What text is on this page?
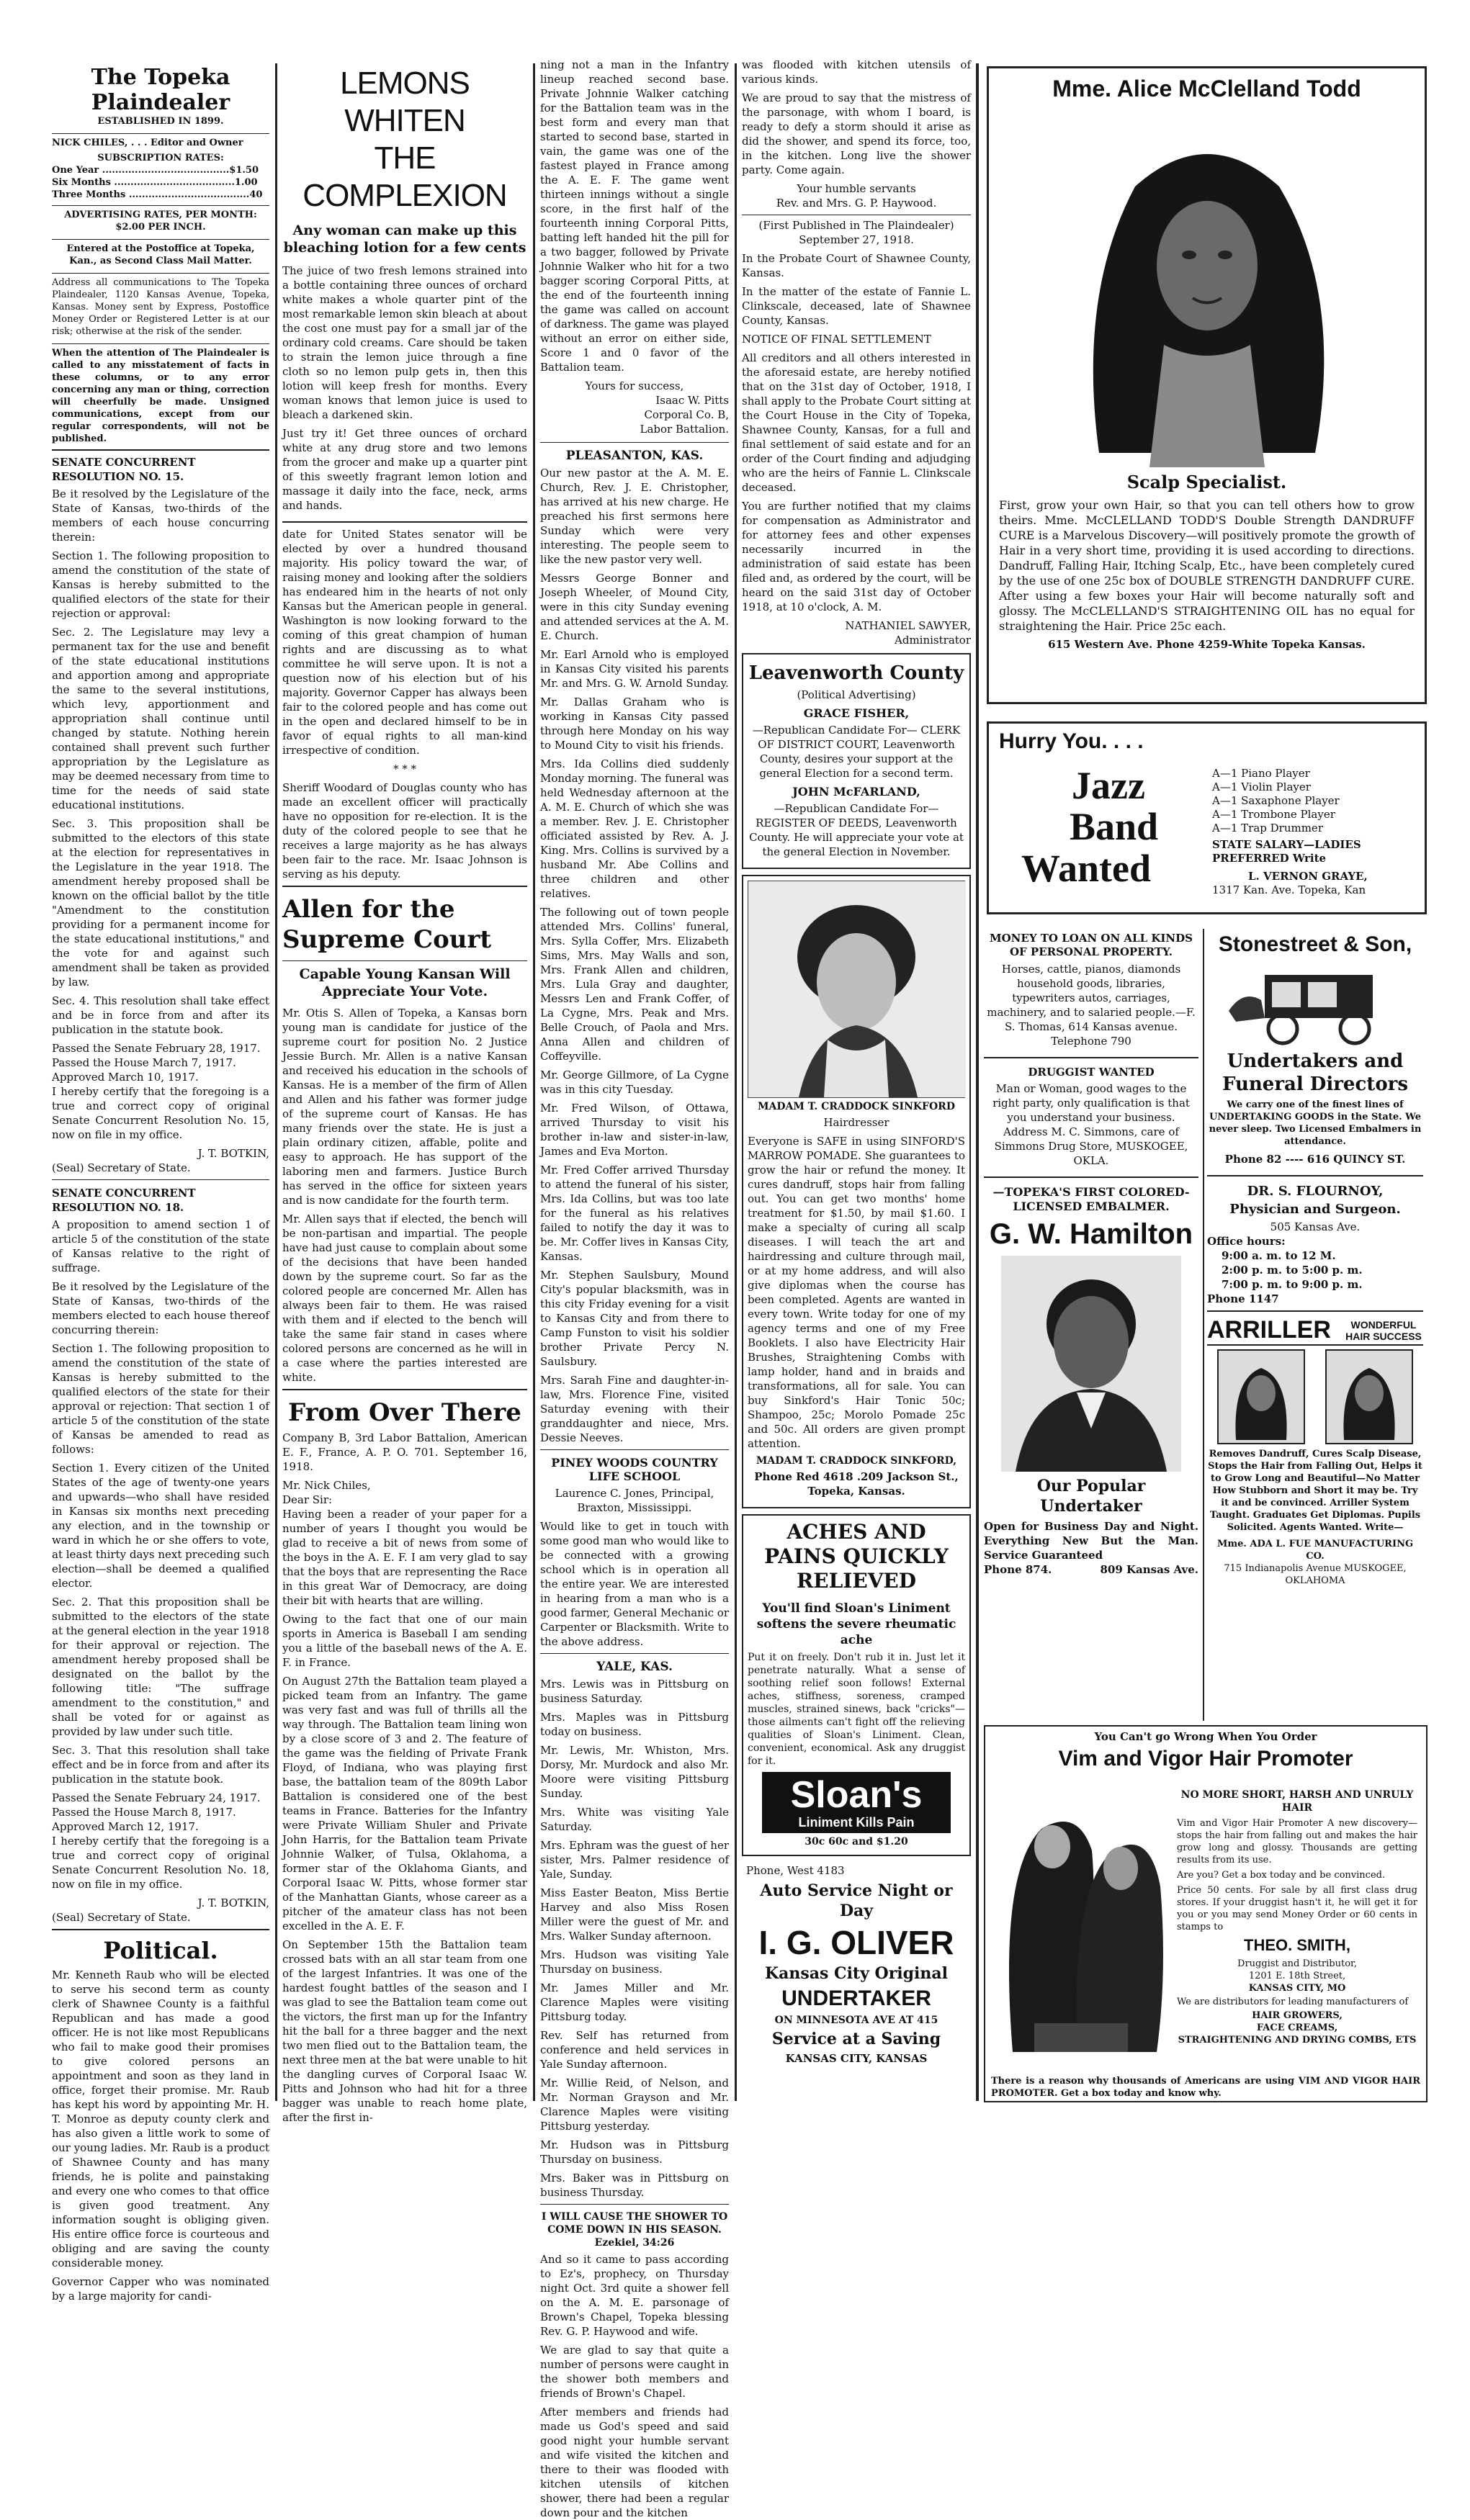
The Topeka Plaindealer
ESTABLISHED IN 1899.
NICK CHILES, . . . Editor and Owner
SUBSCRIPTION RATES:
One Year .......................................$1.50
Six Months .....................................1.00
Three Months .....................................40
ADVERTISING RATES, PER MONTH: $2.00 PER INCH.
Entered at the Postoffice at Topeka, Kan., as Second Class Mail Matter.
Address all communications to The Topeka Plaindealer, 1120 Kansas Avenue, Topeka, Kansas. Money sent by Express, Postoffice Money Order or Registered Letter is at our risk; otherwise at the risk of the sender.
When the attention of The Plaindealer is called to any misstatement of facts in these columns, or to any error concerning any man or thing, correction will cheerfully be made. Unsigned communications, except from our regular correspondents, will not be published.

SENATE CONCURRENT RESOLUTION NO. 15.

Be it resolved by the Legislature of the State of Kansas, two-thirds of the members of each house concurring therein:

Section 1. The following proposition to amend the constitution of the state of Kansas is hereby submitted to the qualified electors of the state for their rejection or approval:

Sec. 2. The Legislature may levy a permanent tax for the use and benefit of the state educational institutions and apportion among and appropriate the same to the several institutions, which levy, apportionment and appropriation shall continue until changed by statute. Nothing herein contained shall prevent such further appropriation by the Legislature as may be deemed necessary from time to time for the needs of said state educational institutions.

Sec. 3. This proposition shall be submitted to the electors of this state at the election for representatives in the Legislature in the year 1918. The amendment hereby proposed shall be known on the official ballot by the title "Amendment to the constitution providing for a permanent income for the state educational institutions," and the vote for and against such amendment shall be taken as provided by law.

Sec. 4. This resolution shall take effect and be in force from and after its publication in the statute book.

Passed the Senate February 28, 1917.

Passed the House March 7, 1917.

Approved March 10, 1917.

I hereby certify that the foregoing is a true and correct copy of original Senate Concurrent Resolution No. 15, now on file in my office.

J. T. BOTKIN,

(Seal) Secretary of State.

SENATE CONCURRENT RESOLUTION NO. 18.

A proposition to amend section 1 of article 5 of the constitution of the state of Kansas relative to the right of suffrage.

Be it resolved by the Legislature of the State of Kansas, two-thirds of the members elected to each house thereof concurring therein:

Section 1. The following proposition to amend the constitution of the state of Kansas is hereby submitted to the qualified electors of the state for their approval or rejection: That section 1 of article 5 of the constitution of the state of Kansas be amended to read as follows:

Section 1. Every citizen of the United States of the age of twenty-one years and upwards—who shall have resided in Kansas six months next preceding any election, and in the township or ward in which he or she offers to vote, at least thirty days next preceding such election—shall be deemed a qualified elector.

Sec. 2. That this proposition shall be submitted to the electors of the state at the general election in the year 1918 for their approval or rejection. The amendment hereby proposed shall be designated on the ballot by the following title: "The suffrage amendment to the constitution," and shall be voted for or against as provided by law under such title.

Sec. 3. That this resolution shall take effect and be in force from and after its publication in the statute book.

Passed the Senate February 24, 1917.

Passed the House March 8, 1917.

Approved March 12, 1917.

I hereby certify that the foregoing is a true and correct copy of original Senate Concurrent Resolution No. 18, now on file in my office.

J. T. BOTKIN,

(Seal) Secretary of State.

Political.

Mr. Kenneth Raub who will be elected to serve his second term as county clerk of Shawnee County is a faithful Republican and has made a good officer. He is not like most Republicans who fail to make good their promises to give colored persons an appointment and soon as they land in office, forget their promise. Mr. Raub has kept his word by appointing Mr. H. T. Monroe as deputy county clerk and has also given a little work to some of our young ladies. Mr. Raub is a product of Shawnee County and has many friends, he is polite and painstaking and every one who comes to that office is given good treatment. Any information sought is obliging given. His entire office force is courteous and obliging and are saving the county considerable money.

Governor Capper who was nominated by a large majority for candi-

LEMONS WHITEN
THE COMPLEXION
Any woman can make up this bleaching lotion for a few cents

The juice of two fresh lemons strained into a bottle containing three ounces of orchard white makes a whole quarter pint of the most remarkable lemon skin bleach at about the cost one must pay for a small jar of the ordinary cold creams. Care should be taken to strain the lemon juice through a fine cloth so no lemon pulp gets in, then this lotion will keep fresh for months. Every woman knows that lemon juice is used to bleach a darkened skin.

Just try it! Get three ounces of orchard white at any drug store and two lemons from the grocer and make up a quarter pint of this sweetly fragrant lemon lotion and massage it daily into the face, neck, arms and hands.

date for United States senator will be elected by over a hundred thousand majority. His policy toward the war, of raising money and looking after the soldiers has endeared him in the hearts of not only Kansas but the American people in general. Washington is now looking forward to the coming of this great champion of human rights and are discussing as to what committee he will serve upon. It is not a question now of his election but of his majority. Governor Capper has always been fair to the colored people and has come out in the open and declared himself to be in favor of equal rights to all man-kind irrespective of condition.

* * *

Sheriff Woodard of Douglas county who has made an excellent officer will practically have no opposition for re-election. It is the duty of the colored people to see that he receives a large majority as he has always been fair to the race. Mr. Isaac Johnson is serving as his deputy.

Allen for the Supreme Court
Capable Young Kansan Will Appreciate Your Vote.

Mr. Otis S. Allen of Topeka, a Kansas born young man is candidate for justice of the supreme court for position No. 2 Justice Jessie Burch. Mr. Allen is a native Kansan and received his education in the schools of Kansas. He is a member of the firm of Allen and Allen and his father was former judge of the supreme court of Kansas. He has many friends over the state. He is just a plain ordinary citizen, affable, polite and easy to approach. He has support of the laboring men and farmers. Justice Burch has served in the office for sixteen years and is now candidate for the fourth term.

Mr. Allen says that if elected, the bench will be non-partisan and impartial. The people have had just cause to complain about some of the decisions that have been handed down by the supreme court. So far as the colored people are concerned Mr. Allen has always been fair to them. He was raised with them and if elected to the bench will take the same fair stand in cases where colored persons are concerned as he will in a case where the parties interested are white.

From Over There

Company B, 3rd Labor Battalion, American E. F., France, A. P. O. 701. September 16, 1918.

Mr. Nick Chiles,

Dear Sir:

Having been a reader of your paper for a number of years I thought you would be glad to receive a bit of news from some of the boys in the A. E. F. I am very glad to say that the boys that are representing the Race in this great War of Democracy, are doing their bit with hearts that are willing.

Owing to the fact that one of our main sports in America is Baseball I am sending you a little of the baseball news of the A. E. F. in France.

On August 27th the Battalion team played a picked team from an Infantry. The game was very fast and was full of thrills all the way through. The Battalion team lining won by a close score of 3 and 2. The feature of the game was the fielding of Private Frank Floyd, of Indiana, who was playing first base, the battalion team of the 809th Labor Battalion is considered one of the best teams in France. Batteries for the Infantry were Private William Shuler and Private John Harris, for the Battalion team Private Johnnie Walker, of Tulsa, Oklahoma, a former star of the Oklahoma Giants, and Corporal Isaac W. Pitts, whose former star of the Manhattan Giants, whose career as a pitcher of the amateur class has not been excelled in the A. E. F.

On September 15th the Battalion team crossed bats with an all star team from one of the largest Infantries. It was one of the hardest fought battles of the season and I was glad to see the Battalion team come out the victors, the first man up for the Infantry hit the ball for a three bagger and the next two men flied out to the Battalion team, the next three men at the bat were unable to hit the dangling curves of Corporal Isaac W. Pitts and Johnson who had hit for a three bagger was unable to reach home plate, after the first in-

ning not a man in the Infantry lineup reached second base. Private Johnnie Walker catching for the Battalion team was in the best form and every man that started to second base, started in vain, the game was one of the fastest played in France among the A. E. F. The game went thirteen innings without a single score, in the first half of the fourteenth inning Corporal Pitts, batting left handed hit the pill for a two bagger, followed by Private Johnnie Walker who hit for a two bagger scoring Corporal Pitts, at the end of the fourteenth inning the game was called on account of darkness. The game was played without an error on either side, Score 1 and 0 favor of the Battalion team.

Yours for success,

Isaac W. Pitts

Corporal Co. B,

Labor Battalion.

PLEASANTON, KAS.

Our new pastor at the A. M. E. Church, Rev. J. E. Christopher, has arrived at his new charge. He preached his first sermons here Sunday which were very interesting. The people seem to like the new pastor very well.

Messrs George Bonner and Joseph Wheeler, of Mound City, were in this city Sunday evening and attended services at the A. M. E. Church.

Mr. Earl Arnold who is employed in Kansas City visited his parents Mr. and Mrs. G. W. Arnold Sunday.

Mr. Dallas Graham who is working in Kansas City passed through here Monday on his way to Mound City to visit his friends.

Mrs. Ida Collins died suddenly Monday morning. The funeral was held Wednesday afternoon at the A. M. E. Church of which she was a member. Rev. J. E. Christopher officiated assisted by Rev. A. J. King. Mrs. Collins is survived by a husband Mr. Abe Collins and three children and other relatives.

The following out of town people attended Mrs. Collins' funeral, Mrs. Sylla Coffer, Mrs. Elizabeth Sims, Mrs. May Walls and son, Mrs. Frank Allen and children, Mrs. Lula Gray and daughter, Messrs Len and Frank Coffer, of La Cygne, Mrs. Peak and Mrs. Belle Crouch, of Paola and Mrs. Anna Allen and children of Coffeyville.

Mr. George Gillmore, of La Cygne was in this city Tuesday.

Mr. Fred Wilson, of Ottawa, arrived Thursday to visit his brother in-law and sister-in-law, James and Eva Morton.

Mr. Fred Coffer arrived Thursday to attend the funeral of his sister, Mrs. Ida Collins, but was too late for the funeral as his relatives failed to notify the day it was to be. Mr. Coffer lives in Kansas City, Kansas.

Mr. Stephen Saulsbury, Mound City's popular blacksmith, was in this city Friday evening for a visit to Kansas City and from there to Camp Funston to visit his soldier brother Private Percy N. Saulsbury.

Mrs. Sarah Fine and daughter-in-law, Mrs. Florence Fine, visited Saturday evening with their granddaughter and niece, Mrs. Dessie Neeves.

PINEY WOODS COUNTRY LIFE SCHOOL

Laurence C. Jones, Principal, Braxton, Mississippi.

Would like to get in touch with some good man who would like to be connected with a growing school which is in operation all the entire year. We are interested in hearing from a man who is a good farmer, General Mechanic or Carpenter or Blacksmith. Write to the above address.

YALE, KAS.

Mrs. Lewis was in Pittsburg on business Saturday.

Mrs. Maples was in Pittsburg today on business.

Mr. Lewis, Mr. Whiston, Mrs. Dorsy, Mr. Murdock and also Mr. Moore were visiting Pittsburg Sunday.

Mrs. White was visiting Yale Saturday.

Mrs. Ephram was the guest of her sister, Mrs. Palmer residence of Yale, Sunday.

Miss Easter Beaton, Miss Bertie Harvey and also Miss Rosen Miller were the guest of Mr. and Mrs. Walker Sunday afternoon.

Mrs. Hudson was visiting Yale Thursday on business.

Mr. James Miller and Mr. Clarence Maples were visiting Pittsburg today.

Rev. Self has returned from conference and held services in Yale Sunday afternoon.

Mr. Willie Reid, of Nelson, and Mr. Norman Grayson and Mr. Clarence Maples were visiting Pittsburg yesterday.

Mr. Hudson was in Pittsburg Thursday on business.

Mrs. Baker was in Pittsburg on business Thursday.

I WILL CAUSE THE SHOWER TO COME DOWN IN HIS SEASON. Ezekiel, 34:26

And so it came to pass according to Ez's, prophecy, on Thursday night Oct. 3rd quite a shower fell on the A. M. E. parsonage of Brown's Chapel, Topeka blessing Rev. G. P. Haywood and wife.

We are glad to say that quite a number of persons were caught in the shower both members and friends of Brown's Chapel.

After members and friends had made us God's speed and said good night your humble servant and wife visited the kitchen and there to their was flooded with kitchen utensils of kitchen shower, there had been a regular down pour and the kitchen

was flooded with kitchen utensils of various kinds.

We are proud to say that the mistress of the parsonage, with whom I board, is ready to defy a storm should it arise as did the shower, and spend its force, too, in the kitchen. Long live the shower party. Come again.

Your humble servants

Rev. and Mrs. G. P. Haywood.

(First Published in The Plaindealer) September 27, 1918.

In the Probate Court of Shawnee County, Kansas.

In the matter of the estate of Fannie L. Clinkscale, deceased, late of Shawnee County, Kansas.

NOTICE OF FINAL SETTLEMENT

All creditors and all others interested in the aforesaid estate, are hereby notified that on the 31st day of October, 1918, I shall apply to the Probate Court sitting at the Court House in the City of Topeka, Shawnee County, Kansas, for a full and final settlement of said estate and for an order of the Court finding and adjudging who are the heirs of Fannie L. Clinkscale deceased.

You are further notified that my claims for compensation as Administrator and for attorney fees and other expenses necessarily incurred in the administration of said estate has been filed and, as ordered by the court, will be heard on the said 31st day of October 1918, at 10 o'clock, A. M.

NATHANIEL SAWYER,

Administrator

Leavenworth County
(Political Advertising)
GRACE FISHER,

—Republican Candidate For— CLERK OF DISTRICT COURT, Leavenworth County, desires your support at the general Election for a second term.

JOHN McFARLAND,

—Republican Candidate For— REGISTER OF DEEDS, Leavenworth County. He will appreciate your vote at the general Election in November.

MADAM T. CRADDOCK SINKFORD
Hairdresser

Everyone is SAFE in using SINFORD'S MARROW POMADE. She guarantees to grow the hair or refund the money. It cures dandruff, stops hair from falling out. You can get two months' home treatment for $1.50, by mail $1.60. I make a specialty of curing all scalp diseases. I will teach the art and hairdressing and culture through mail, or at my home address, and will also give diplomas when the course has been completed. Agents are wanted in every town. Write today for one of my agency terms and one of my Free Booklets. I also have Electricity Hair Brushes, Straightening Combs with lamp holder, hand and in braids and transformations, all for sale. You can buy Sinkford's Hair Tonic 50c; Shampoo, 25c; Morolo Pomade 25c and 50c. All orders are given prompt attention.

MADAM T. CRADDOCK SINKFORD,
Phone Red 4618 .209 Jackson St., Topeka, Kansas.
ACHES AND PAINS QUICKLY RELIEVED
You'll find Sloan's Liniment softens the severe rheumatic ache

Put it on freely. Don't rub it in. Just let it penetrate naturally. What a sense of soothing relief soon follows! External aches, stiffness, soreness, cramped muscles, strained sinews, back "cricks"—those ailments can't fight off the relieving qualities of Sloan's Liniment. Clean, convenient, economical. Ask any druggist for it.

Sloan's
Liniment Kills Pain
30c 60c and $1.20
Phone, West 4183
Auto Service Night or Day
I. G. OLIVER
Kansas City Original
UNDERTAKER
ON MINNESOTA AVE AT 415
Service at a Saving
KANSAS CITY, KANSAS
Mme. Alice McClelland Todd
Scalp Specialist.

First, grow your own Hair, so that you can tell others how to grow theirs. Mme. McCLELLAND TODD'S Double Strength DANDRUFF CURE is a Marvelous Discovery—will positively promote the growth of Hair in a very short time, providing it is used according to directions. Dandruff, Falling Hair, Itching Scalp, Etc., have been completely cured by the use of one 25c box of DOUBLE STRENGTH DANDRUFF CURE. After using a few boxes your Hair will become naturally soft and glossy. The McCLELLAND'S STRAIGHTENING OIL has no equal for straightening the Hair. Price 25c each.

615 Western Ave. Phone 4259-White Topeka Kansas.
Hurry You. . . .
Jazz
Band
Wanted
A—1 Piano Player
A—1 Violin Player
A—1 Saxaphone Player
A—1 Trombone Player
A—1 Trap Drummer
STATE SALARY—LADIES PREFERRED Write
L. VERNON GRAYE,
1317 Kan. Ave. Topeka, Kan
MONEY TO LOAN ON ALL KINDS OF PERSONAL PROPERTY.

Horses, cattle, pianos, diamonds household goods, libraries, typewriters autos, carriages, machinery, and to salaried people.—F. S. Thomas, 614 Kansas avenue. Telephone 790

DRUGGIST WANTED

Man or Woman, good wages to the right party, only qualification is that you understand your business. Address M. C. Simmons, care of Simmons Drug Store, MUSKOGEE, OKLA.

—TOPEKA'S FIRST COLORED-LICENSED EMBALMER.
G. W. Hamilton
Our Popular Undertaker
Open for Business Day and Night. Everything New But the Man. Service Guaranteed
Phone 874.	809 Kansas Ave.
Stonestreet & Son,
Undertakers and Funeral Directors

We carry one of the finest lines of UNDERTAKING GOODS in the State. We never sleep. Two Licensed Embalmers in attendance.

Phone 82 ---- 616 QUINCY ST.
DR. S. FLOURNOY,
Physician and Surgeon.
505 Kansas Ave.
Office hours:
9:00 a. m. to 12 M.
2:00 p. m. to 5:00 p. m.
7:00 p. m. to 9:00 p. m.
Phone 1147
ARRILLER	WONDERFUL HAIR SUCCESS

Removes Dandruff, Cures Scalp Disease, Stops the Hair from Falling Out, Helps it to Grow Long and Beautiful—No Matter How Stubborn and Short it may be. Try it and be convinced. Arriller System Taught. Graduates Get Diplomas. Pupils Solicited. Agents Wanted. Write—

Mme. ADA L. FUE MANUFACTURING CO.
715 Indianapolis Avenue MUSKOGEE, OKLAHOMA
You Can't go Wrong When You Order
Vim and Vigor Hair Promoter
NO MORE SHORT, HARSH AND UNRULY HAIR

Vim and Vigor Hair Promoter A new discovery—stops the hair from falling out and makes the hair grow long and glossy. Thousands are getting results from its use.

Are you? Get a box today and be convinced.

Price 50 cents. For sale by all first class drug stores. If your druggist hasn't it, he will get it for you or you may send Money Order or 60 cents in stamps to

THEO. SMITH,
Druggist and Distributor,
1201 E. 18th Street,
KANSAS CITY, MO

We are distributors for leading manufacturers of

HAIR GROWERS,
FACE CREAMS,
STRAIGHTENING AND DRYING COMBS, ETS

There is a reason why thousands of Americans are using VIM AND VIGOR HAIR PROMOTER. Get a box today and know why.
